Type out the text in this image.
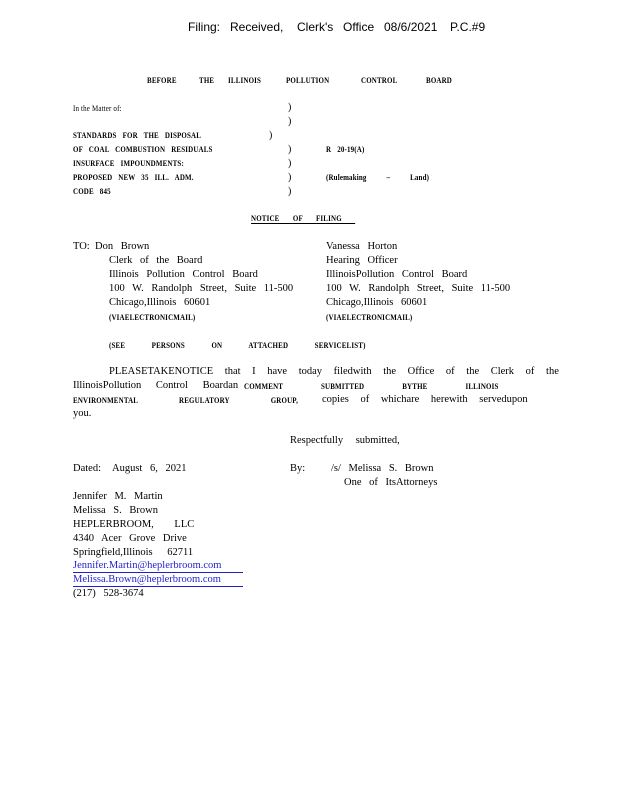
Filing: Received, Clerk's Office 08/6/2021 P.C.#9
BEFORE	THE ILLINOIS	POLLUTION	CONTROL	BOARD
In the Matter of:
STANDARDS FOR THE DISPOSAL
OF COAL COMBUSTION RESIDUALS
INSURFACE IMPOUNDMENTS:
PROPOSED NEW 35 ILL. ADM.
CODE 845
)
)
)
)
)
)
)
R 20-19(A)
(Rulemaking – Land)
NOTICE OF FILING
TO: Don Brown
Clerk of the Board
Illinois Pollution Control Board
100 W. Randolph Street, Suite 11-500
Chicago,Illinois 60601
(VIAELECTRONICMAIL)
Vanessa Horton
Hearing Officer
IllinoisPollution Control Board
100 W. Randolph Street, Suite 11-500
Chicago,Illinois 60601
(VIAELECTRONICMAIL)
(SEE PERSONS ON ATTACHED SERVICELIST)
PLEASETAKENOTICE that I have today filedwith the Office of the Clerk of the
IllinoisPollution Control Boardan COMMENT SUBMITTED BYTHE ILLINOIS
ENVIRONMENTAL REGULATORY GROUP, copies of whichare herewith servedupon
you.
Respectfully submitted,
Dated: August 6, 2021	By: /s/ Melissa S. Brown
One of ItsAttorneys
Jennifer M. Martin
Melissa S. Brown
HEPLERBROOM, LLC
4340 Acer Grove Drive
Springfield,Illinois 62711
Jennifer.Martin@heplerbroom.com
Melissa.Brown@heplerbroom.com
(217) 528-3674
